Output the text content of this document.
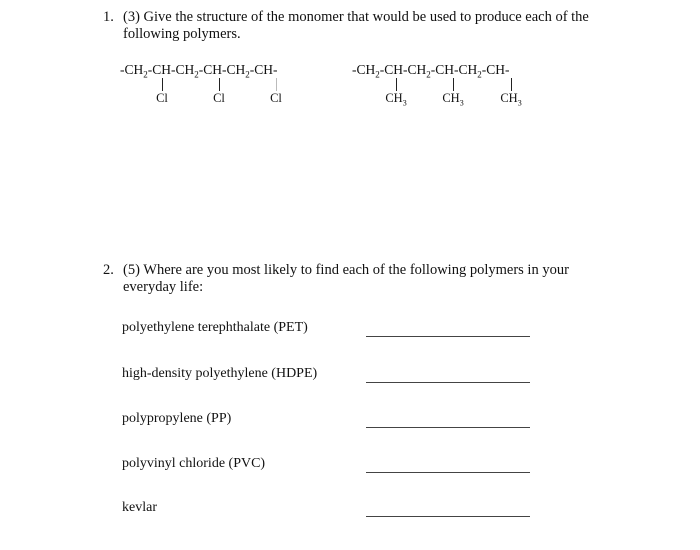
1. (3) Give the structure of the monomer that would be used to produce each of the

following polymers.
$-CH_2-CH-CH_2-CH-CH_2-CH-$
Cl	Cl	Cl
$-CH_2-CH-CH_2-CH-CH_2-CH-$
$CH_3$	$CH_3$	$CH_3$
2. (5) Where are you most likely to find each of the following polymers in your

everyday life:
polyethylene terephthalate (PET)
high-density polyethylene (HDPE)
polypropylene (PP)
polyvinyl chloride (PVC)
kevlar
